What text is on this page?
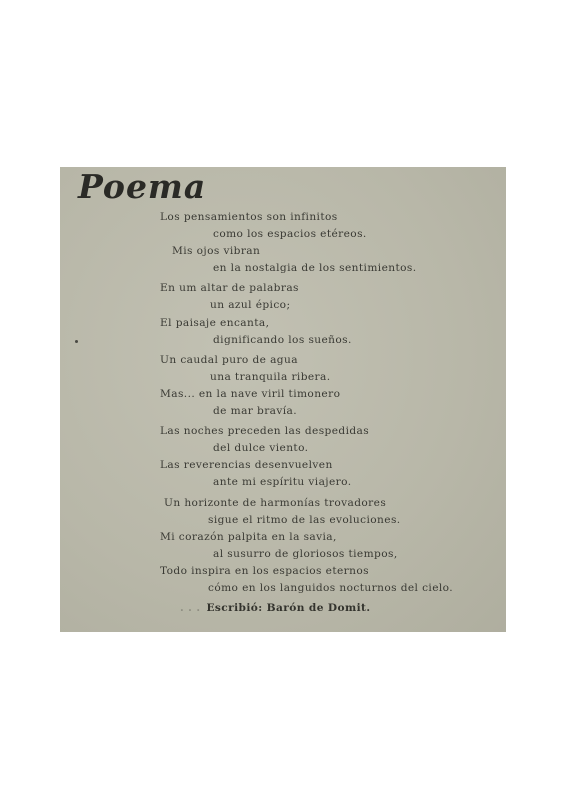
Poema
Los pensamientos son infinitos
como los espacios etéreos.
Mis ojos vibran
en la nostalgia de los sentimientos.
En um altar de palabras
un azul épico;
El paisaje encanta,
dignificando los sueños.
Un caudal puro de agua
una tranquila ribera.
Mas... en la nave viril timonero
de mar bravía.
Las noches preceden las despedidas
del dulce viento.
Las reverencias desenvuelven
ante mi espíritu viajero.
Un horizonte de harmonías trovadores
sigue el ritmo de las evoluciones.
Mi corazón palpita en la savia,
al susurro de gloriosos tiempos,
Todo inspira en los espacios eternos
cómo en los languidos nocturnos del cielo.
. . . Escribió: Barón de Domit.
